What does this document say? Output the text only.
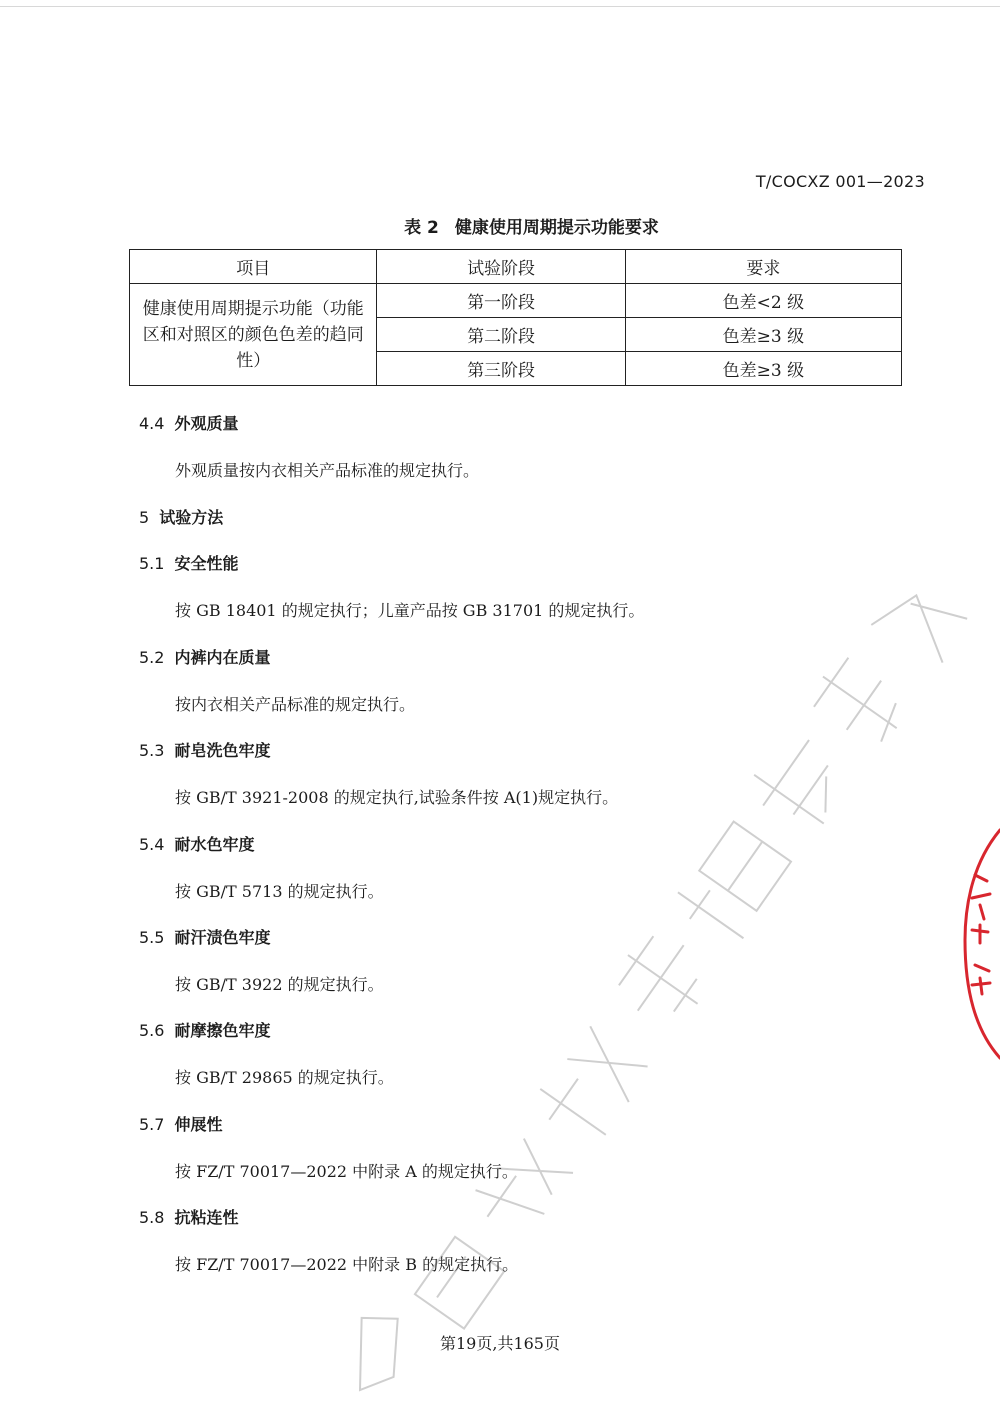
T/COCXZ 001—2023
表 2 健康使用周期提示功能要求
项目	试验阶段	要求
健康使用周期提示功能（功能区和对照区的颜色色差的趋同性）	第一阶段	色差<2 级
	第二阶段	色差≥3 级
	第三阶段	色差≥3 级
4.4 外观质量
外观质量按内衣相关产品标准的规定执行。
5 试验方法
5.1 安全性能
按 GB 18401 的规定执行；儿童产品按 GB 31701 的规定执行。
5.2 内裤内在质量
按内衣相关产品标准的规定执行。
5.3 耐皂洗色牢度
按 GB/T 3921-2008 的规定执行,试验条件按 A(1)规定执行。
5.4 耐水色牢度
按 GB/T 5713 的规定执行。
5.5 耐汗渍色牢度
按 GB/T 3922 的规定执行。
5.6 耐摩擦色牢度
按 GB/T 29865 的规定执行。
5.7 伸展性
按 FZ/T 70017—2022 中附录 A 的规定执行。
5.8 抗粘连性
按 FZ/T 70017—2022 中附录 B 的规定执行。
第19页,共165页
